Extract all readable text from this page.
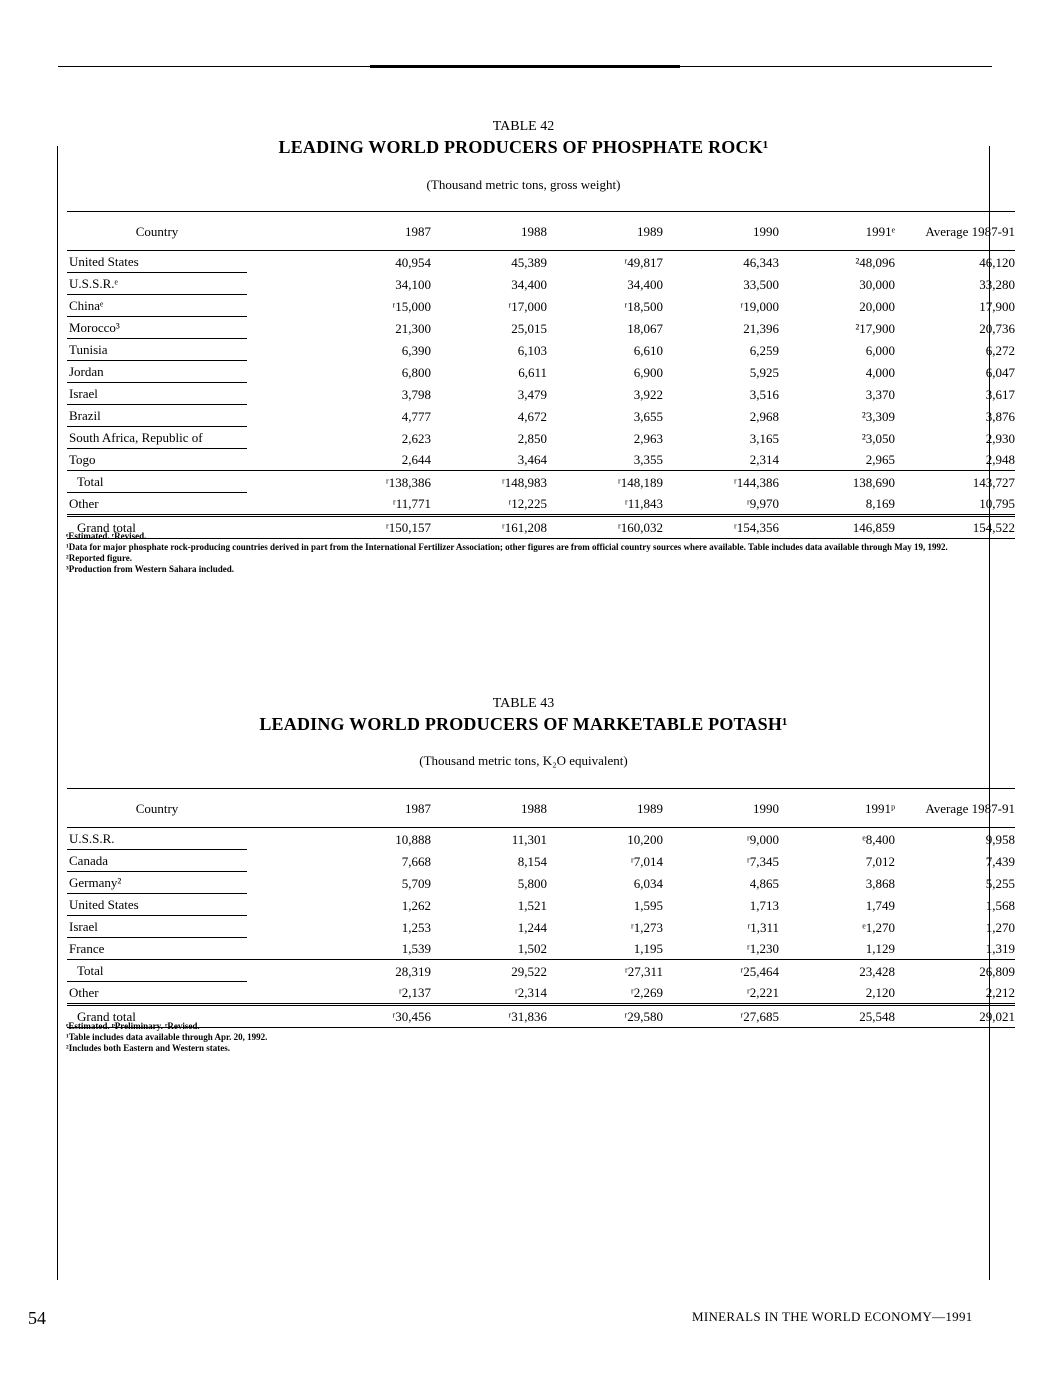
TABLE 42
LEADING WORLD PRODUCERS OF PHOSPHATE ROCK¹
(Thousand metric tons, gross weight)
Country	1987	1988	1989	1990	1991ᵉ	Average 1987-91
United States	40,954	45,389	ʳ49,817	46,343	²48,096	46,120
U.S.S.R.ᵉ	34,100	34,400	34,400	33,500	30,000	33,280
Chinaᵉ	ʳ15,000	ʳ17,000	ʳ18,500	ʳ19,000	20,000	17,900
Morocco³	21,300	25,015	18,067	21,396	²17,900	20,736
Tunisia	6,390	6,103	6,610	6,259	6,000	6,272
Jordan	6,800	6,611	6,900	5,925	4,000	6,047
Israel	3,798	3,479	3,922	3,516	3,370	3,617
Brazil	4,777	4,672	3,655	2,968	²3,309	3,876
South Africa, Republic of	2,623	2,850	2,963	3,165	²3,050	2,930
Togo	2,644	3,464	3,355	2,314	2,965	2,948
Total	ʳ138,386	ʳ148,983	ʳ148,189	ʳ144,386	138,690	143,727
Other	ʳ11,771	ʳ12,225	ʳ11,843	ʳ9,970	8,169	10,795
Grand total	ʳ150,157	ʳ161,208	ʳ160,032	ʳ154,356	146,859	154,522
ᵉEstimated. ʳRevised.
¹Data for major phosphate rock-producing countries derived in part from the International Fertilizer Association; other figures are from official country sources where available. Table includes data available through May 19, 1992.
²Reported figure.
³Production from Western Sahara included.
TABLE 43
LEADING WORLD PRODUCERS OF MARKETABLE POTASH¹
(Thousand metric tons, K₂O equivalent)
Country	1987	1988	1989	1990	1991ᵖ	Average 1987-91
U.S.S.R.	10,888	11,301	10,200	ʳ9,000	ᵉ8,400	9,958
Canada	7,668	8,154	ʳ7,014	ʳ7,345	7,012	7,439
Germany²	5,709	5,800	6,034	4,865	3,868	5,255
United States	1,262	1,521	1,595	1,713	1,749	1,568
Israel	1,253	1,244	ʳ1,273	ʳ1,311	ᵉ1,270	1,270
France	1,539	1,502	1,195	ʳ1,230	1,129	1,319
Total	28,319	29,522	ʳ27,311	ʳ25,464	23,428	26,809
Other	ʳ2,137	ʳ2,314	ʳ2,269	ʳ2,221	2,120	2,212
Grand total	ʳ30,456	ʳ31,836	ʳ29,580	ʳ27,685	25,548	29,021
ᵉEstimated. ᵖPreliminary. ʳRevised.
¹Table includes data available through Apr. 20, 1992.
²Includes both Eastern and Western states.
54	MINERALS IN THE WORLD ECONOMY—1991
